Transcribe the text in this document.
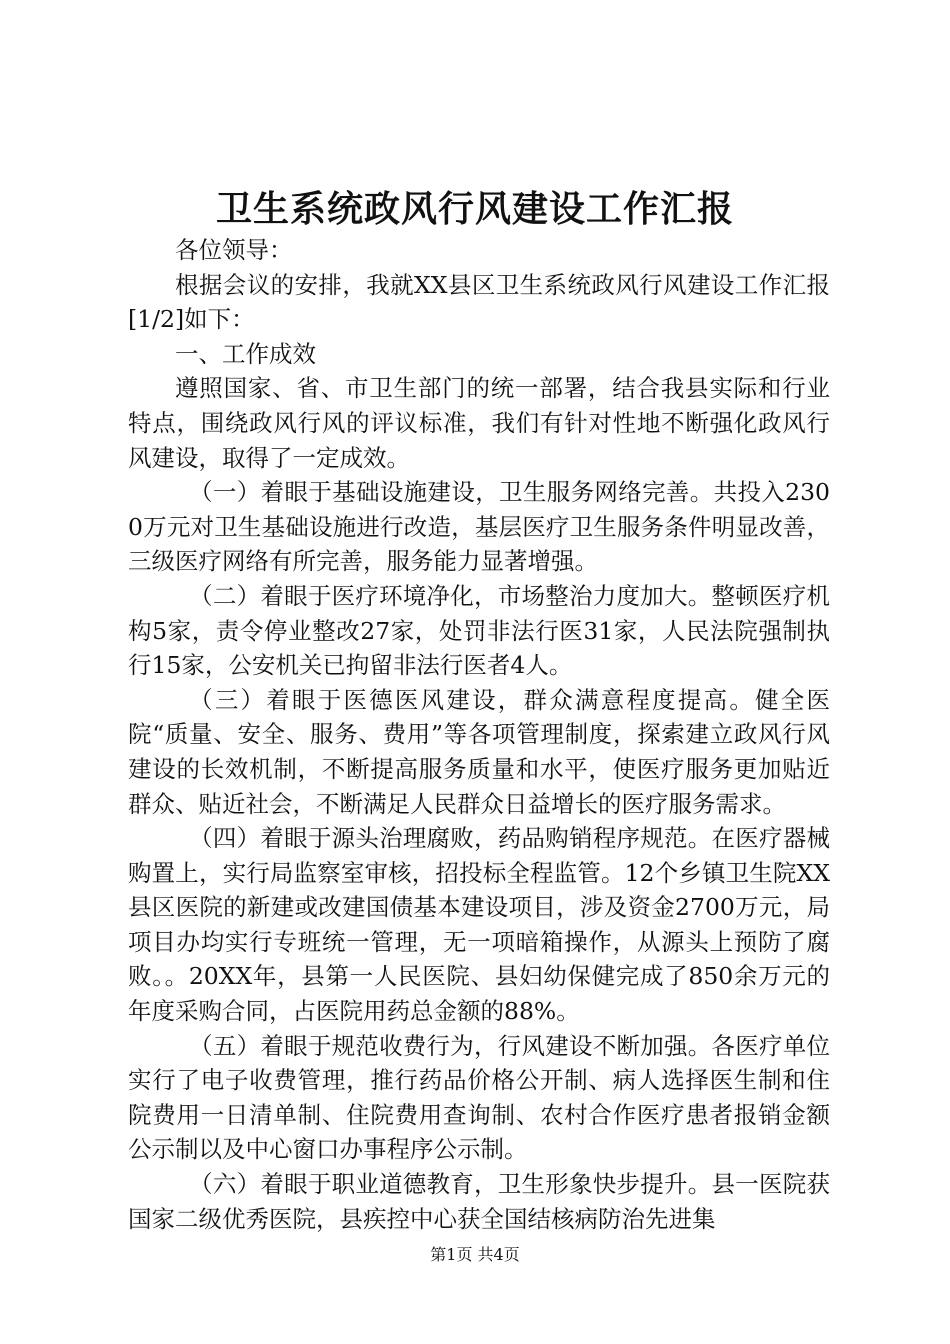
卫生系统政风行风建设工作汇报

各位领导：

根据会议的安排，我就XX县区卫生系统政风行风建设工作汇报[1/2]如下：

一、工作成效

遵照国家、省、市卫生部门的统一部署，结合我县实际和行业特点，围绕政风行风的评议标准，我们有针对性地不断强化政风行风建设，取得了一定成效。

（一）着眼于基础设施建设，卫生服务网络完善。共投入2300万元对卫生基础设施进行改造，基层医疗卫生服务条件明显改善，三级医疗网络有所完善，服务能力显著增强。

（二）着眼于医疗环境净化，市场整治力度加大。整顿医疗机构5家，责令停业整改27家，处罚非法行医31家，人民法院强制执行15家，公安机关已拘留非法行医者4人。

（三）着眼于医德医风建设，群众满意程度提高。健全医院“质量、安全、服务、费用”等各项管理制度，探索建立政风行风建设的长效机制，不断提高服务质量和水平，使医疗服务更加贴近群众、贴近社会，不断满足人民群众日益增长的医疗服务需求。

（四）着眼于源头治理腐败，药品购销程序规范。在医疗器械购置上，实行局监察室审核，招投标全程监管。12个乡镇卫生院XX县区医院的新建或改建国债基本建设项目，涉及资金2700万元，局项目办均实行专班统一管理，无一项暗箱操作，从源头上预防了腐败。。20XX年，县第一人民医院、县妇幼保健完成了850余万元的年度采购合同，占医院用药总金额的88%。

（五）着眼于规范收费行为，行风建设不断加强。各医疗单位实行了电子收费管理，推行药品价格公开制、病人选择医生制和住院费用一日清单制、住院费用查询制、农村合作医疗患者报销金额公示制以及中心窗口办事程序公示制。

（六）着眼于职业道德教育，卫生形象快步提升。县一医院获国家二级优秀医院，县疾控中心获全国结核病防治先进集

第1页 共4页
